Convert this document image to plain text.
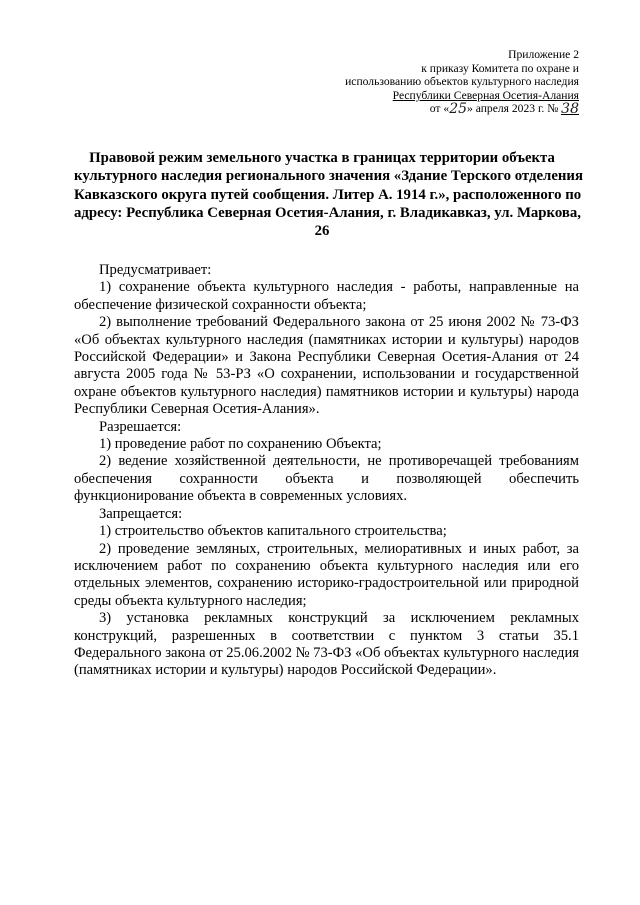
Приложение 2
к приказу Комитета по охране и
использованию объектов культурного наследия
Республики Северная Осетия-Алания
от «25» апреля 2023 г. № 38
Правовой режим земельного участка в границах территории объекта
культурного наследия регионального значения «Здание Терского отделения
Кавказского округа путей сообщения. Литер А. 1914 г.», расположенного по
адресу: Республика Северная Осетия-Алания, г. Владикавказ, ул. Маркова,
26

Предусматривает:

1) сохранение объекта культурного наследия - работы, направленные на обеспечение физической сохранности объекта;

2) выполнение требований Федерального закона от 25 июня 2002 № 73-ФЗ «Об объектах культурного наследия (памятниках истории и культуры) народов Российской Федерации» и Закона Республики Северная Осетия-Алания от 24 августа 2005 года № 53-РЗ «О сохранении, использовании и государственной охране объектов культурного наследия) памятников истории и культуры) народа Республики Северная Осетия-Алания».

Разрешается:

1) проведение работ по сохранению Объекта;

2) ведение хозяйственной деятельности, не противоречащей требованиям обеспечения сохранности объекта и позволяющей обеспечить функционирование объекта в современных условиях.

Запрещается:

1) строительство объектов капитального строительства;

2) проведение земляных, строительных, мелиоративных и иных работ, за исключением работ по сохранению объекта культурного наследия или его отдельных элементов, сохранению историко-градостроительной или природной среды объекта культурного наследия;

3) установка рекламных конструкций за исключением рекламных конструкций, разрешенных в соответствии с пунктом 3 статьи 35.1 Федерального закона от 25.06.2002 № 73-ФЗ «Об объектах культурного наследия (памятниках истории и культуры) народов Российской Федерации».
